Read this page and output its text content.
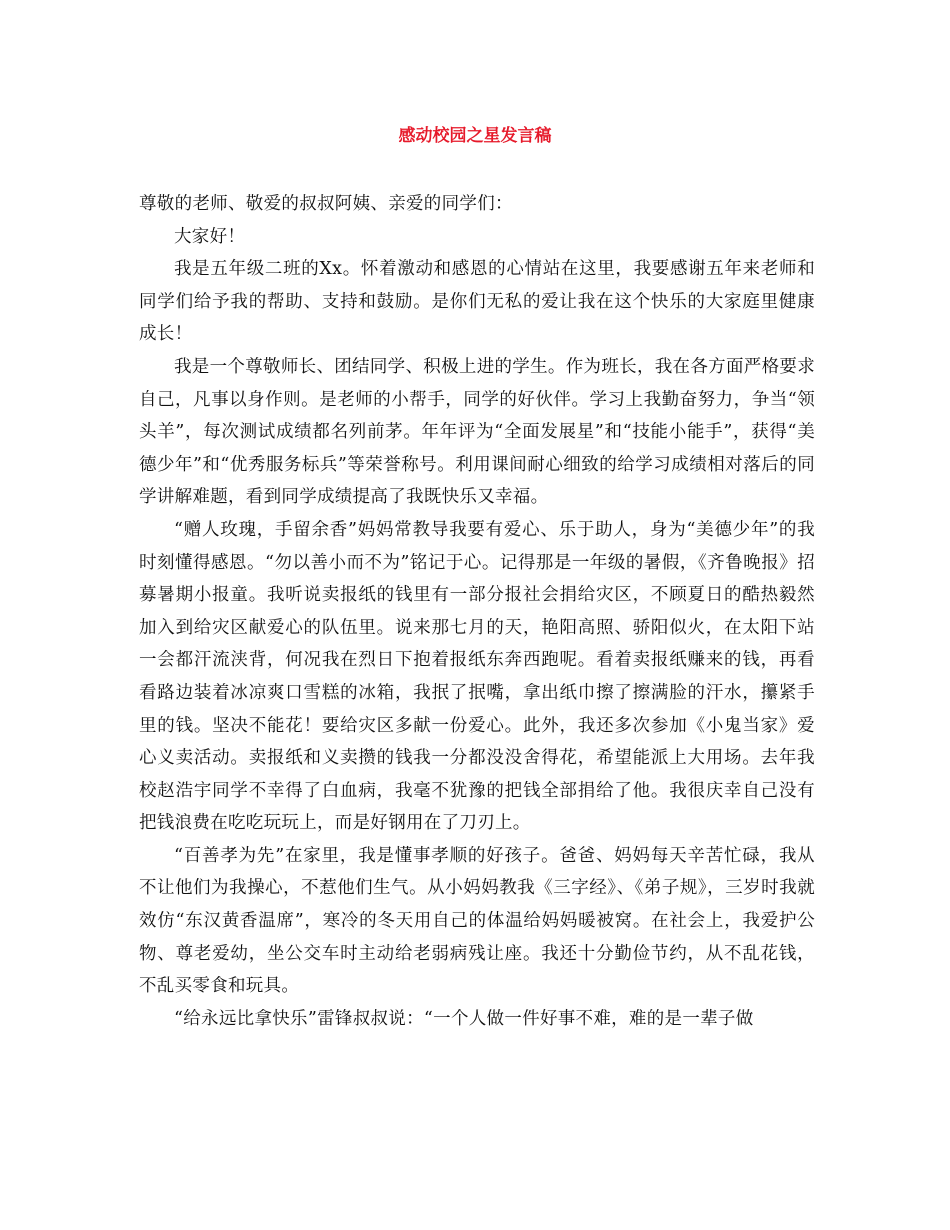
感动校园之星发言稿

尊敬的老师、敬爱的叔叔阿姨、亲爱的同学们：

大家好！

我是五年级二班的Xx。怀着激动和感恩的心情站在这里，我要感谢五年来老师和同学们给予我的帮助、支持和鼓励。是你们无私的爱让我在这个快乐的大家庭里健康成长！

我是一个尊敬师长、团结同学、积极上进的学生。作为班长，我在各方面严格要求自己，凡事以身作则。是老师的小帮手，同学的好伙伴。学习上我勤奋努力，争当“领头羊”，每次测试成绩都名列前茅。年年评为“全面发展星”和“技能小能手”，获得“美德少年”和“优秀服务标兵”等荣誉称号。利用课间耐心细致的给学习成绩相对落后的同学讲解难题，看到同学成绩提高了我既快乐又幸福。

“赠人玫瑰，手留余香”妈妈常教导我要有爱心、乐于助人，身为“美德少年”的我时刻懂得感恩。“勿以善小而不为”铭记于心。记得那是一年级的暑假，《齐鲁晚报》招募暑期小报童。我听说卖报纸的钱里有一部分报社会捐给灾区，不顾夏日的酷热毅然加入到给灾区献爱心的队伍里。说来那七月的天，艳阳高照、骄阳似火，在太阳下站一会都汗流浃背，何况我在烈日下抱着报纸东奔西跑呢。看着卖报纸赚来的钱，再看看路边装着冰凉爽口雪糕的冰箱，我抿了抿嘴，拿出纸巾擦了擦满脸的汗水，攥紧手里的钱。坚决不能花！要给灾区多献一份爱心。此外，我还多次参加《小鬼当家》爱心义卖活动。卖报纸和义卖攒的钱我一分都没没舍得花，希望能派上大用场。去年我校赵浩宇同学不幸得了白血病，我毫不犹豫的把钱全部捐给了他。我很庆幸自己没有把钱浪费在吃吃玩玩上，而是好钢用在了刀刃上。

“百善孝为先”在家里，我是懂事孝顺的好孩子。爸爸、妈妈每天辛苦忙碌，我从不让他们为我操心，不惹他们生气。从小妈妈教我《三字经》、《弟子规》，三岁时我就效仿“东汉黄香温席”，寒冷的冬天用自己的体温给妈妈暖被窝。在社会上，我爱护公物、尊老爱幼，坐公交车时主动给老弱病残让座。我还十分勤俭节约，从不乱花钱，不乱买零食和玩具。

“给永远比拿快乐”雷锋叔叔说：“一个人做一件好事不难，难的是一辈子做
